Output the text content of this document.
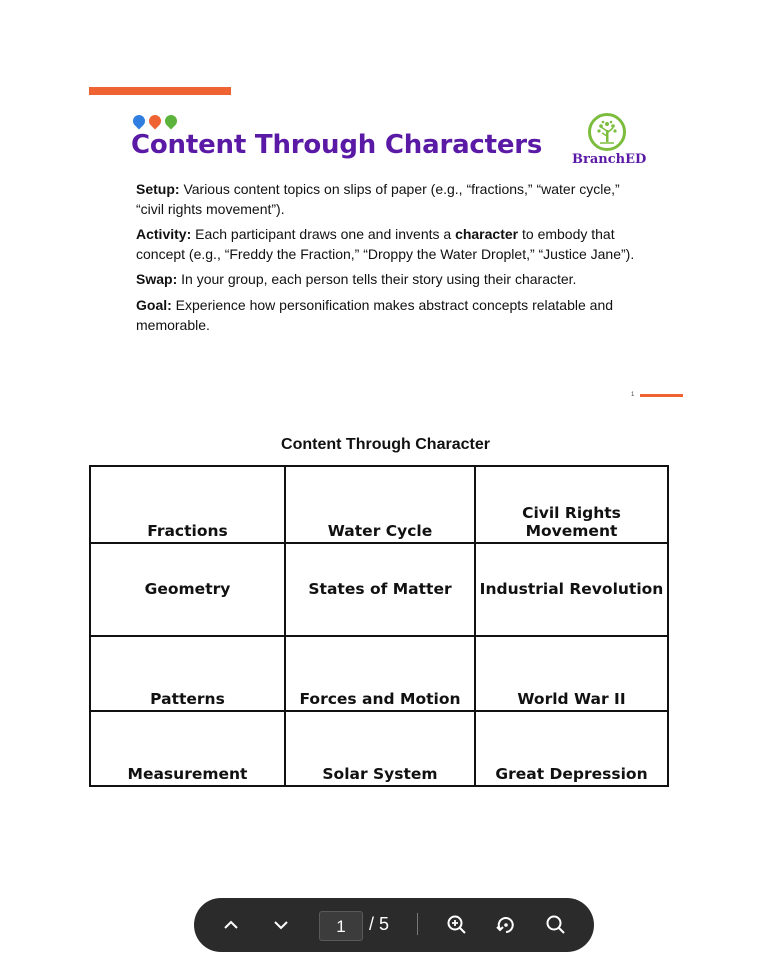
Content Through Characters BranchED
Setup: Various content topics on slips of paper (e.g., “fractions,” “water cycle,” “civil rights movement”).
Activity: Each participant draws one and invents a character to embody that concept (e.g., “Freddy the Fraction,” “Droppy the Water Droplet,” “Justice Jane”).
Swap: In your group, each person tells their story using their character.
Goal: Experience how personification makes abstract concepts relatable and memorable.
1
Content Through Character
Fractions	Water Cycle	Civil Rights Movement
Geometry	States of Matter	Industrial Revolution
Patterns	Forces and Motion	World War II
Measurement	Solar System	Great Depression
1	/ 5
